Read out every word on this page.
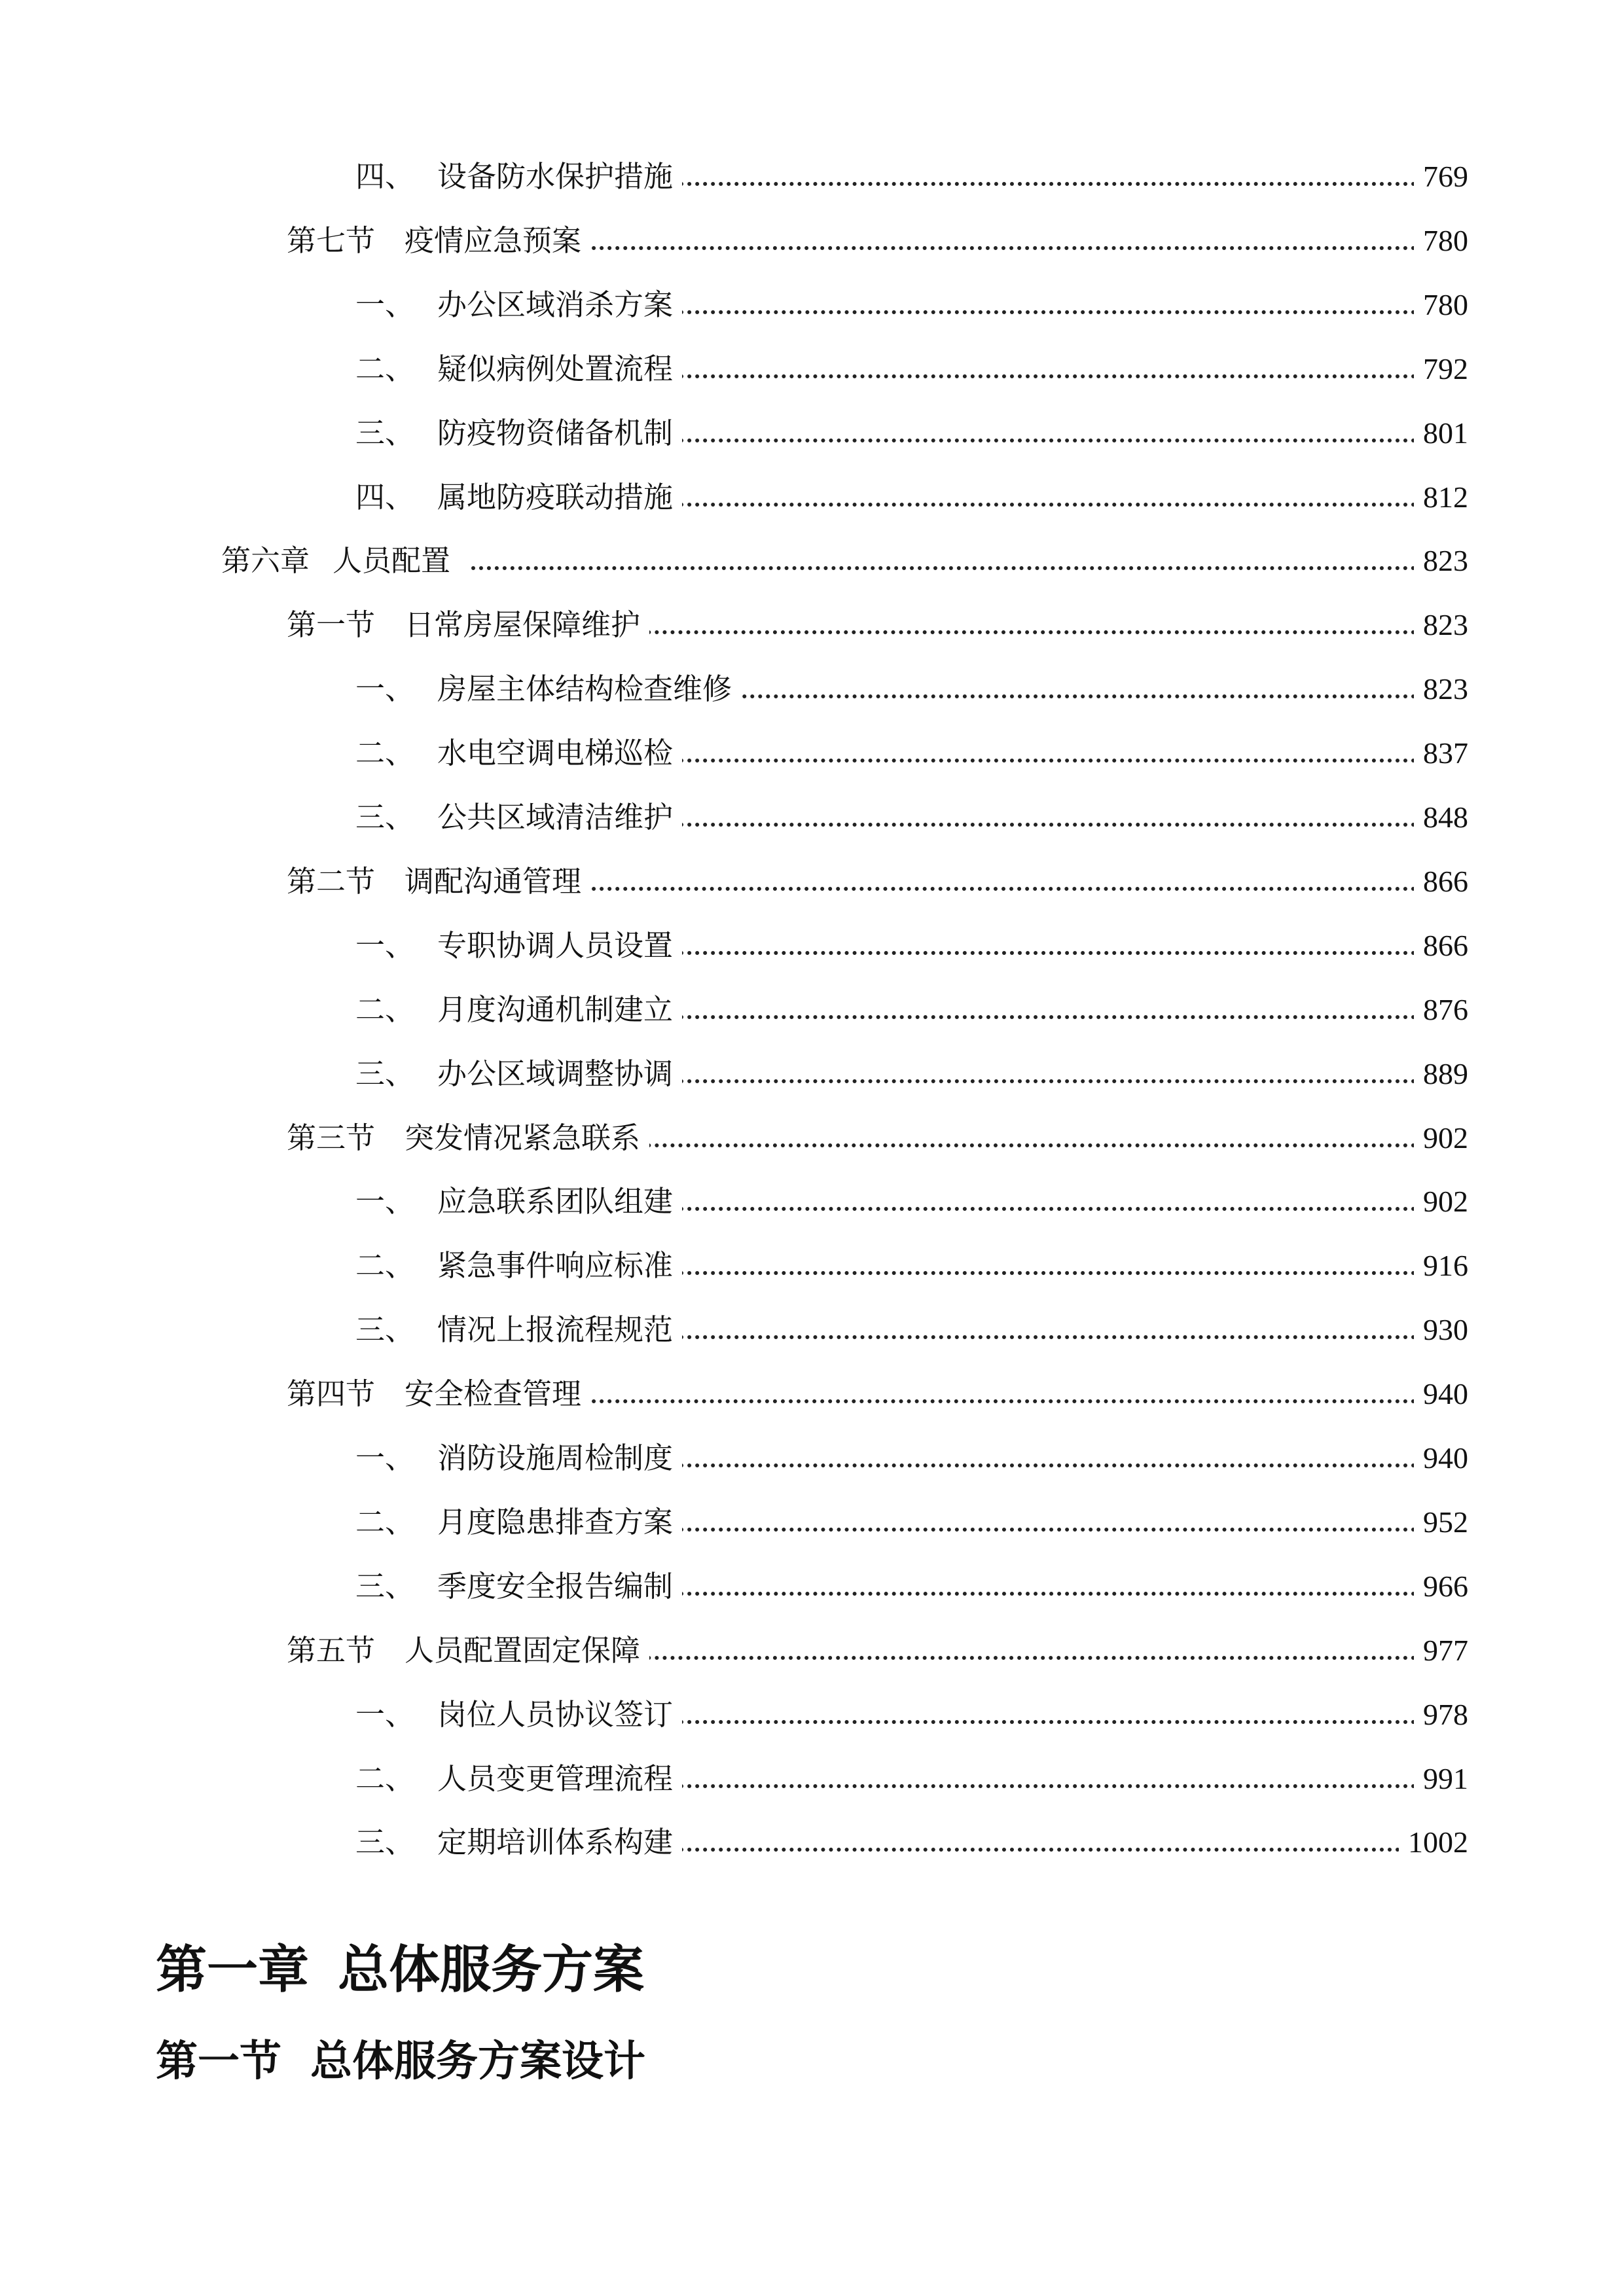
四、 设备防水保护措施	769
第七节 疫情应急预案	780
一、 办公区域消杀方案	780
二、 疑似病例处置流程	792
三、 防疫物资储备机制	801
四、 属地防疫联动措施	812
第六章 人员配置	823
第一节 日常房屋保障维护	823
一、 房屋主体结构检查维修	823
二、 水电空调电梯巡检	837
三、 公共区域清洁维护	848
第二节 调配沟通管理	866
一、 专职协调人员设置	866
二、 月度沟通机制建立	876
三、 办公区域调整协调	889
第三节 突发情况紧急联系	902
一、 应急联系团队组建	902
二、 紧急事件响应标准	916
三、 情况上报流程规范	930
第四节 安全检查管理	940
一、 消防设施周检制度	940
二、 月度隐患排查方案	952
三、 季度安全报告编制	966
第五节 人员配置固定保障	977
一、 岗位人员协议签订	978
二、 人员变更管理流程	991
三、 定期培训体系构建	1002
第一章 总体服务方案
第一节 总体服务方案设计
